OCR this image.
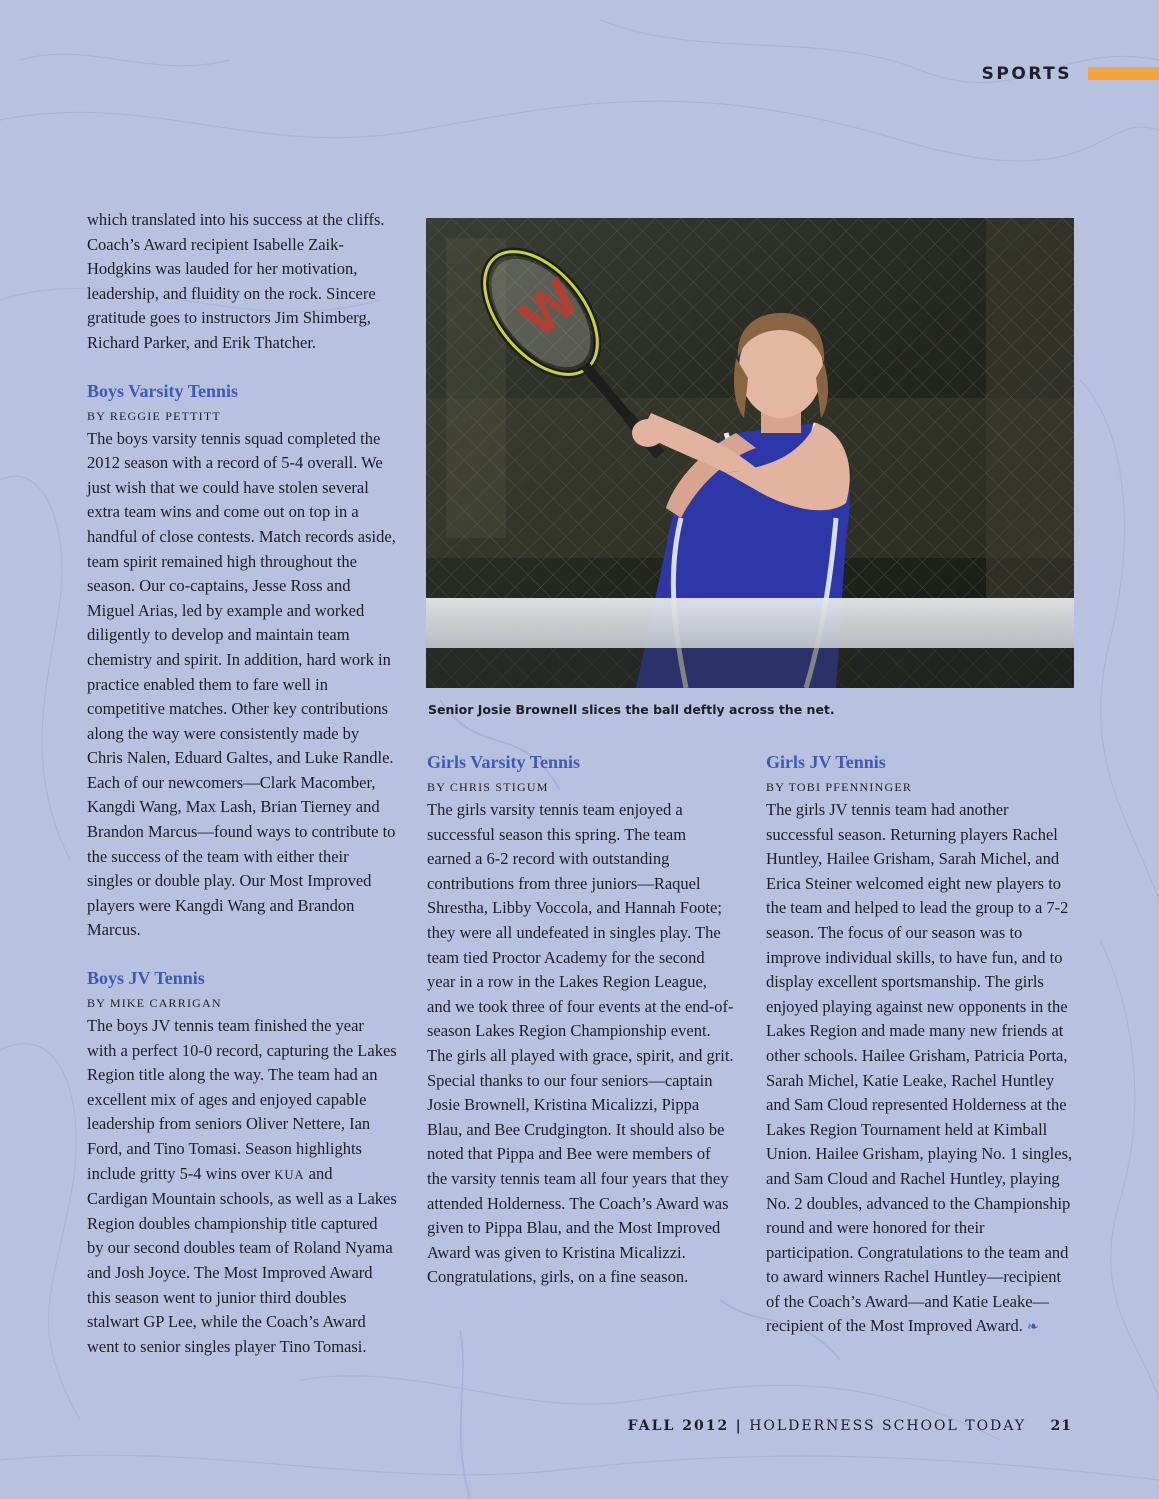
SPORTS

which translated into his success at the cliffs. Coach’s Award recipient Isabelle Zaik-Hodgkins was lauded for her motivation, leadership, and fluidity on the rock. Sincere gratitude goes to instructors Jim Shimberg, Richard Parker, and Erik Thatcher.

Boys Varsity Tennis
BY REGGIE PETTITT

The boys varsity tennis squad completed the 2012 season with a record of 5-4 overall. We just wish that we could have stolen several extra team wins and come out on top in a handful of close contests. Match records aside, team spirit remained high throughout the season. Our co-captains, Jesse Ross and Miguel Arias, led by example and worked diligently to develop and maintain team chemistry and spirit. In addition, hard work in practice enabled them to fare well in competitive matches. Other key contributions along the way were consistently made by Chris Nalen, Eduard Galtes, and Luke Randle. Each of our newcomers—Clark Macomber, Kangdi Wang, Max Lash, Brian Tierney and Brandon Marcus—found ways to contribute to the success of the team with either their singles or double play. Our Most Improved players were Kangdi Wang and Brandon Marcus.

Boys JV Tennis
BY MIKE CARRIGAN

The boys JV tennis team finished the year with a perfect 10-0 record, capturing the Lakes Region title along the way. The team had an excellent mix of ages and enjoyed capable leadership from seniors Oliver Nettere, Ian Ford, and Tino Tomasi. Season highlights include gritty 5-4 wins over KUA and Cardigan Mountain schools, as well as a Lakes Region doubles championship title captured by our second doubles team of Roland Nyama and Josh Joyce. The Most Improved Award this season went to junior third doubles stalwart GP Lee, while the Coach’s Award went to senior singles player Tino Tomasi.

W
Senior Josie Brownell slices the ball deftly across the net.
Girls Varsity Tennis
BY CHRIS STIGUM

The girls varsity tennis team enjoyed a successful season this spring. The team earned a 6-2 record with outstanding contributions from three juniors—Raquel Shrestha, Libby Voccola, and Hannah Foote; they were all undefeated in singles play. The team tied Proctor Academy for the second year in a row in the Lakes Region League, and we took three of four events at the end-of-season Lakes Region Championship event. The girls all played with grace, spirit, and grit. Special thanks to our four seniors—captain Josie Brownell, Kristina Micalizzi, Pippa Blau, and Bee Crudgington. It should also be noted that Pippa and Bee were members of the varsity tennis team all four years that they attended Holderness. The Coach’s Award was given to Pippa Blau, and the Most Improved Award was given to Kristina Micalizzi. Congratulations, girls, on a fine season.

Girls JV Tennis
BY TOBI PFENNINGER

The girls JV tennis team had another successful season. Returning players Rachel Huntley, Hailee Grisham, Sarah Michel, and Erica Steiner welcomed eight new players to the team and helped to lead the group to a 7-2 season. The focus of our season was to improve individual skills, to have fun, and to display excellent sportsmanship. The girls enjoyed playing against new opponents in the Lakes Region and made many new friends at other schools. Hailee Grisham, Patricia Porta, Sarah Michel, Katie Leake, Rachel Huntley and Sam Cloud represented Holderness at the Lakes Region Tournament held at Kimball Union. Hailee Grisham, playing No. 1 singles, and Sam Cloud and Rachel Huntley, playing No. 2 doubles, advanced to the Championship round and were honored for their participation. Congratulations to the team and to award winners Rachel Huntley—recipient of the Coach’s Award—and Katie Leake—recipient of the Most Improved Award. ❧

FALL 2012 | HOLDERNESS SCHOOL TODAY 21
